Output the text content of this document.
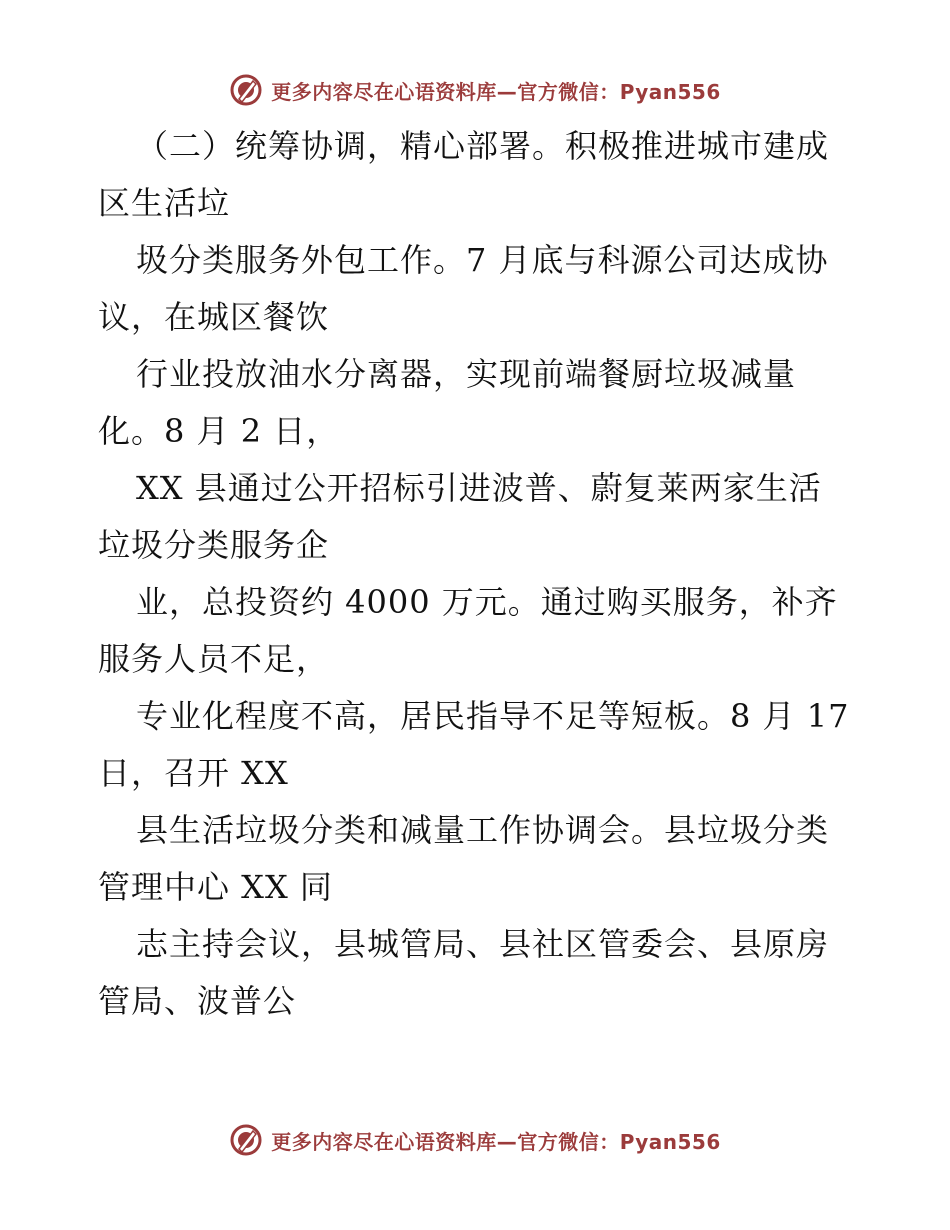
更多内容尽在心语资料库—官方微信：Pyan556
（二）统筹协调，精心部署。积极推进城市建成
区生活垃
圾分类服务外包工作。7 月底与科源公司达成协
议，在城区餐饮
行业投放油水分离器，实现前端餐厨垃圾减量
化。8 月 2 日，
XX 县通过公开招标引进波普、蔚复莱两家生活
垃圾分类服务企
业，总投资约 4000 万元。通过购买服务，补齐
服务人员不足，
专业化程度不高，居民指导不足等短板。8 月 17
日，召开 XX
县生活垃圾分类和减量工作协调会。县垃圾分类
管理中心 XX 同
志主持会议，县城管局、县社区管委会、县原房
管局、波普公
更多内容尽在心语资料库—官方微信：Pyan556
